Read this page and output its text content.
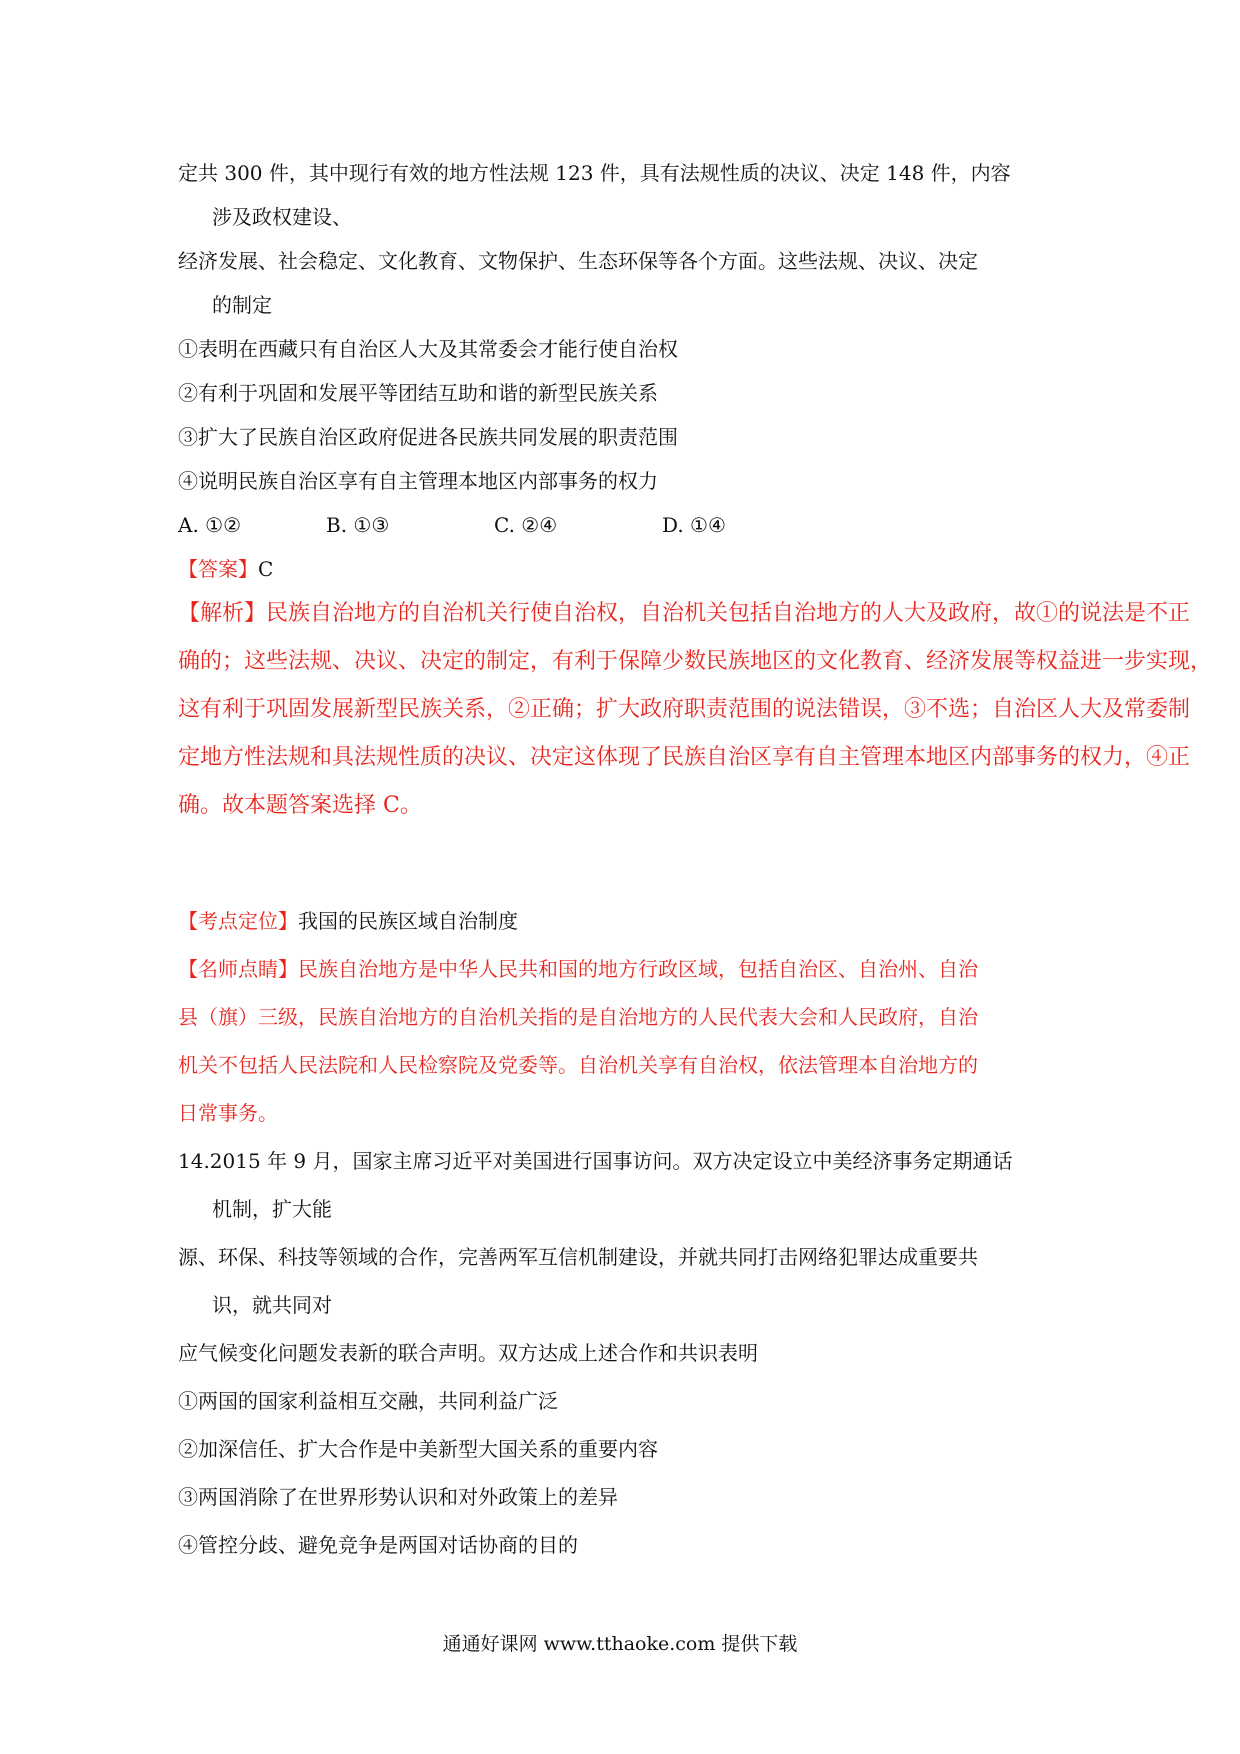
定共 300 件，其中现行有效的地方性法规 123 件，具有法规性质的决议、决定 148 件，内容
涉及政权建设、
经济发展、社会稳定、文化教育、文物保护、生态环保等各个方面。这些法规、决议、决定
的制定
①表明在西藏只有自治区人大及其常委会才能行使自治权
②有利于巩固和发展平等团结互助和谐的新型民族关系
③扩大了民族自治区政府促进各民族共同发展的职责范围
④说明民族自治区享有自主管理本地区内部事务的权力
A. ①②	B. ①③	C. ②④	D. ①④
【答案】C

【解析】民族自治地方的自治机关行使自治权，自治机关包括自治地方的人大及政府，故①的说法是不正

确的；这些法规、决议、决定的制定，有利于保障少数民族地区的文化教育、经济发展等权益进一步实现，

这有利于巩固发展新型民族关系，②正确；扩大政府职责范围的说法错误，③不选；自治区人大及常委制

定地方性法规和具法规性质的决议、决定这体现了民族自治区享有自主管理本地区内部事务的权力，④正

确。故本题答案选择 C。

【考点定位】我国的民族区域自治制度
【名师点睛】民族自治地方是中华人民共和国的地方行政区域，包括自治区、自治州、自治
县（旗）三级，民族自治地方的自治机关指的是自治地方的人民代表大会和人民政府，自治
机关不包括人民法院和人民检察院及党委等。自治机关享有自治权，依法管理本自治地方的
日常事务。
14.2015 年 9 月，国家主席习近平对美国进行国事访问。双方决定设立中美经济事务定期通话
机制，扩大能
源、环保、科技等领域的合作，完善两军互信机制建设，并就共同打击网络犯罪达成重要共
识，就共同对
应气候变化问题发表新的联合声明。双方达成上述合作和共识表明
①两国的国家利益相互交融，共同利益广泛
②加深信任、扩大合作是中美新型大国关系的重要内容
③两国消除了在世界形势认识和对外政策上的差异
④管控分歧、避免竞争是两国对话协商的目的
通通好课网 www.tthaoke.com 提供下载
